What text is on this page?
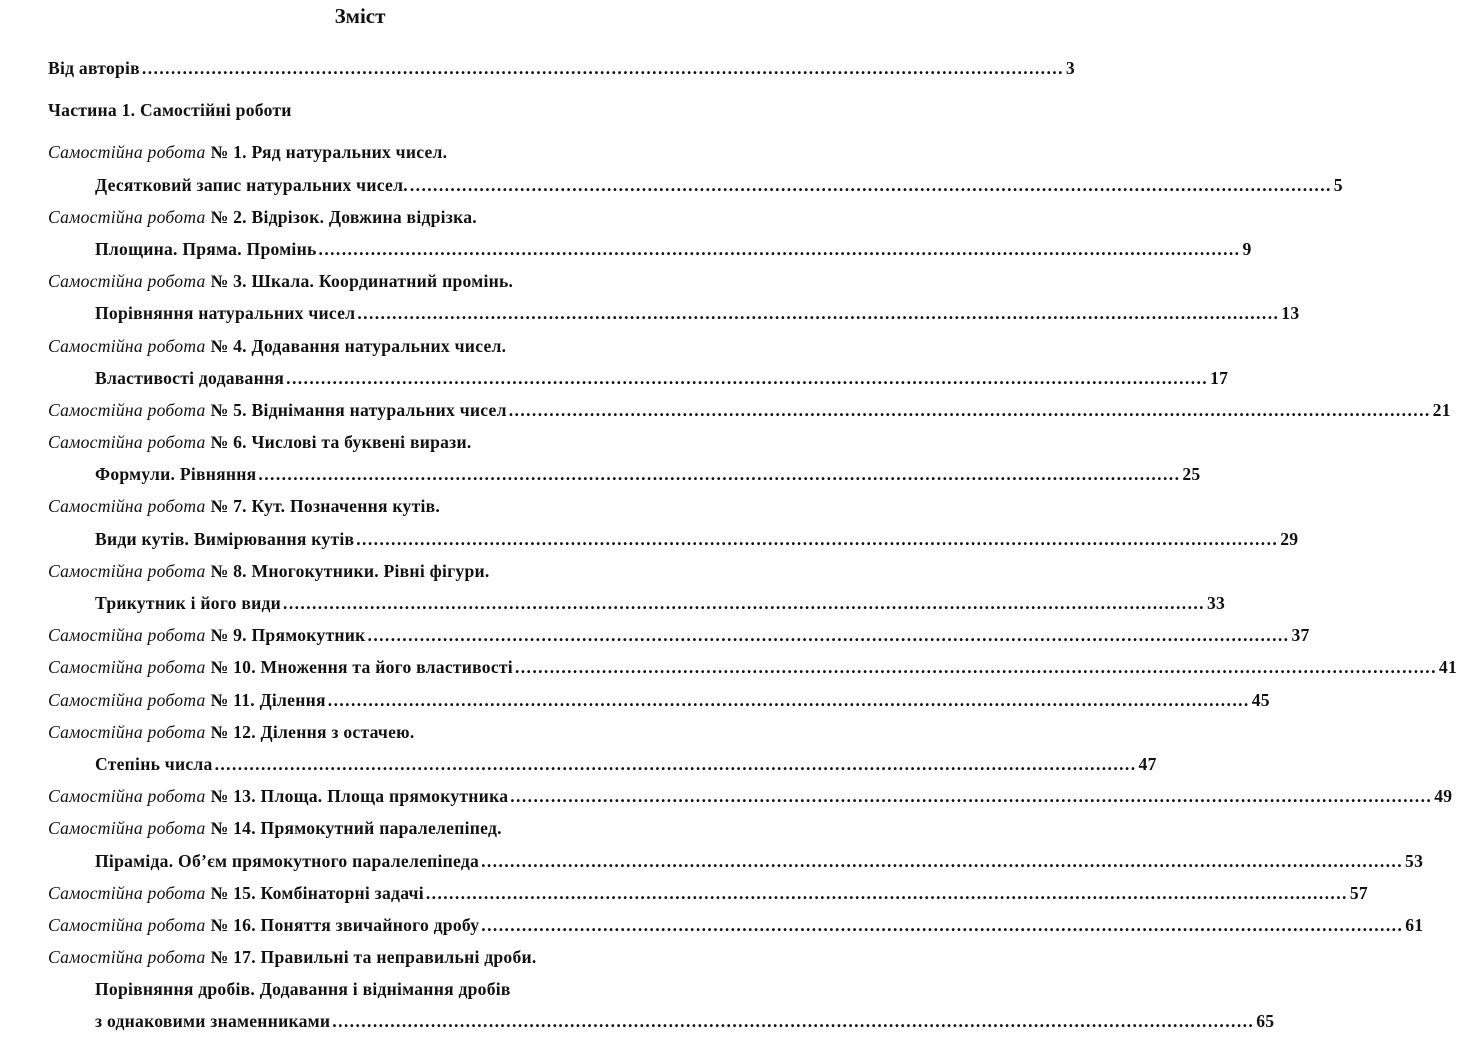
Зміст
Від авторів .....	3
Частина 1. Самостійні роботи
Самостійна робота № 1.
Ряд натуральних чисел.
Десятковий запис натуральних чисел. .....	5
Самостійна робота № 2.
Відрізок. Довжина відрізка.
Площина. Пряма. Промінь .....	9
Самостійна робота № 3.
Шкала. Координатний промінь.
Порівняння натуральних чисел .....	13
Самостійна робота № 4.
Додавання натуральних чисел.
Властивості додавання .....	17
Самостійна робота № 5.
Віднімання натуральних чисел .....	21
Самостійна робота № 6.
Числові та буквені вирази.
Формули. Рівняння .....	25
Самостійна робота № 7.
Кут. Позначення кутів.
Види кутів. Вимірювання кутів .....	29
Самостійна робота № 8.
Многокутники. Рівні фігури.
Трикутник і його види .....	33
Самостійна робота № 9.
Прямокутник .....	37
Самостійна робота № 10.
Множення та його властивості .....	41
Самостійна робота № 11.
Ділення .....	45
Самостійна робота № 12.
Ділення з остачею.
Степінь числа .....	47
Самостійна робота № 13.
Площа. Площа прямокутника .....	49
Самостійна робота № 14.
Прямокутний паралелепіпед.
Піраміда. Об’єм прямокутного паралелепіпеда .....	53
Самостійна робота № 15.
Комбінаторні задачі .....	57
Самостійна робота № 16.
Поняття звичайного дробу .....	61
Самостійна робота № 17.
Правильні та неправильні дроби.
Порівняння дробів. Додавання і віднімання дробів
з однаковими знаменниками .....	65
